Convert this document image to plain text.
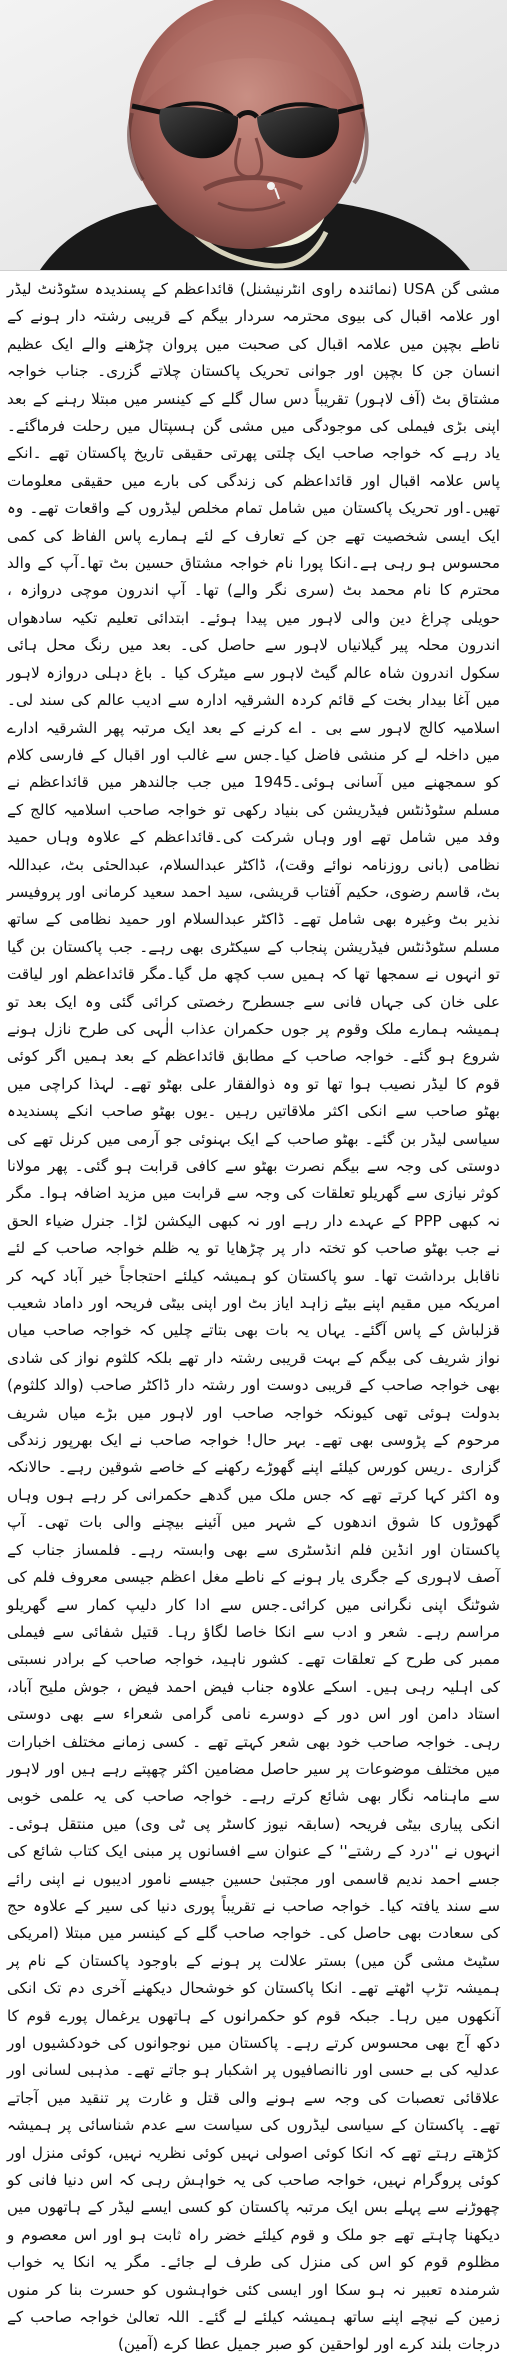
مشی گن USA (نمائندہ راوی انٹرنیشنل) قائداعظم کے پسندیدہ سٹوڈنٹ لیڈر اور علامہ اقبال کی بیوی محترمہ سردار بیگم کے قریبی رشتہ دار ہونے کے ناطے بچپن میں علامہ اقبال کی صحبت میں پروان چڑھنے والے ایک عظیم انسان جن کا بچپن اور جوانی تحریک پاکستان چلاتے گزری۔ جناب خواجہ مشتاق بٹ (آف لاہور) تقریباً دس سال گلے کے کینسر میں مبتلا رہنے کے بعد اپنی بڑی فیملی کی موجودگی میں مشی گن ہسپتال میں رحلت فرماگئے۔ یاد رہے کہ خواجہ صاحب ایک چلتی پھرتی حقیقی تاریخ پاکستان تھے ۔انکے پاس علامہ اقبال اور قائداعظم کی زندگی کی بارے میں حقیقی معلومات تھیں۔اور تحریک پاکستان میں شامل تمام مخلص لیڈروں کے واقعات تھے۔ وہ ایک ایسی شخصیت تھے جن کے تعارف کے لئے ہمارے پاس الفاظ کی کمی محسوس ہو رہی ہے۔انکا پورا نام خواجہ مشتاق حسین بٹ تھا۔آپ کے والد محترم کا نام محمد بٹ (سری نگر والے) تھا۔ آپ اندرون موچی دروازہ ، حویلی چراغ دین والی لاہور میں پیدا ہوئے۔ ابتدائی تعلیم تکیہ سادھواں اندرون محلہ پیر گیلانیاں لاہور سے حاصل کی۔ بعد میں رنگ محل ہائی سکول اندرون شاہ عالم گیٹ لاہور سے میٹرک کیا ۔ باغ دہلی دروازہ لاہور میں آغا بیدار بخت کے قائم کردہ الشرقیہ ادارہ سے ادیب عالم کی سند لی۔ اسلامیہ کالج لاہور سے بی ۔ اے کرنے کے بعد ایک مرتبہ پھر الشرقیہ ادارے میں داخلہ لے کر منشی فاضل کیا۔جس سے غالب اور اقبال کے فارسی کلام کو سمجھنے میں آسانی ہوئی۔1945 میں جب جالندھر میں قائداعظم نے مسلم سٹوڈنٹس فیڈریشن کی بنیاد رکھی تو خواجہ صاحب اسلامیہ کالج کے وفد میں شامل تھے اور وہاں شرکت کی۔قائداعظم کے علاوہ وہاں حمید نظامی (بانی روزنامہ نوائے وقت)، ڈاکٹر عبدالسلام، عبدالحئی بٹ، عبداللہ بٹ، قاسم رضوی، حکیم آفتاب قریشی، سید احمد سعید کرمانی اور پروفیسر نذیر بٹ وغیرہ بھی شامل تھے۔ ڈاکٹر عبدالسلام اور حمید نظامی کے ساتھ مسلم سٹوڈنٹس فیڈریشن پنجاب کے سیکٹری بھی رہے۔ جب پاکستان بن گیا تو انہوں نے سمجھا تھا کہ ہمیں سب کچھ مل گیا۔مگر قائداعظم اور لیاقت علی خان کی جہاں فانی سے جسطرح رخصتی کرائی گئی وہ ایک بعد تو ہمیشہ ہمارے ملک وقوم پر جوں حکمران عذاب الٰہی کی طرح نازل ہونے شروع ہو گئے۔ خواجہ صاحب کے مطابق قائداعظم کے بعد ہمیں اگر کوئی قوم کا لیڈر نصیب ہوا تھا تو وہ ذوالفقار علی بھٹو تھے۔ لہذا کراچی میں بھٹو صاحب سے انکی اکثر ملاقاتیں رہیں ۔یوں بھٹو صاحب انکے پسندیدہ سیاسی لیڈر بن گئے۔ بھٹو صاحب کے ایک بہنوئی جو آرمی میں کرنل تھے کی دوستی کی وجہ سے بیگم نصرت بھٹو سے کافی قرابت ہو گئی۔ پھر مولانا کوثر نیازی سے گھریلو تعلقات کی وجہ سے قرابت میں مزید اضافہ ہوا۔ مگر نہ کبھی PPP کے عہدے دار رہے اور نہ کبھی الیکشن لڑا۔ جنرل ضیاء الحق نے جب بھٹو صاحب کو تختہ دار پر چڑھایا تو یہ ظلم خواجہ صاحب کے لئے ناقابل برداشت تھا۔ سو پاکستان کو ہمیشہ کیلئے احتجاجاً خیر آباد کہہ کر امریکہ میں مقیم اپنے بیٹے زاہد ایاز بٹ اور اپنی بیٹی فریحہ اور داماد شعیب قزلباش کے پاس آگئے۔ یہاں یہ بات بھی بتاتے چلیں کہ خواجہ صاحب میاں نواز شریف کی بیگم کے بہت قریبی رشتہ دار تھے بلکہ کلثوم نواز کی شادی بھی خواجہ صاحب کے قریبی دوست اور رشتہ دار ڈاکٹر صاحب (والد کلثوم) بدولت ہوئی تھی کیونکہ خواجہ صاحب اور لاہور میں بڑے میاں شریف مرحوم کے پڑوسی بھی تھے۔ بہر حال! خواجہ صاحب نے ایک بھرپور زندگی گزاری ۔ریس کورس کیلئے اپنے گھوڑے رکھنے کے خاصے شوقین رہے۔ حالانکہ وہ اکثر کہا کرتے تھے کہ جس ملک میں گدھے حکمرانی کر رہے ہوں وہاں گھوڑوں کا شوق اندھوں کے شہر میں آئینے بیچنے والی بات تھی۔ آپ پاکستان اور انڈین فلم انڈسٹری سے بھی وابستہ رہے۔ فلمساز جناب کے آصف لاہوری کے جگری یار ہونے کے ناطے مغل اعظم جیسی معروف فلم کی شوٹنگ اپنی نگرانی میں کرائی۔جس سے ادا کار دلیپ کمار سے گھریلو مراسم رہے۔ شعر و ادب سے انکا خاصا لگاؤ رہا۔ قتیل شفائی سے فیملی ممبر کی طرح کے تعلقات تھے۔ کشور ناہید، خواجہ صاحب کے برادر نسبتی کی اہلیہ رہی ہیں۔ اسکے علاوہ جناب فیض احمد فیض ، جوش ملیح آباد، استاد دامن اور اس دور کے دوسرے نامی گرامی شعراء سے بھی دوستی رہی۔ خواجہ صاحب خود بھی شعر کہتے تھے ۔ کسی زمانے مختلف اخبارات میں مختلف موضوعات پر سیر حاصل مضامین اکثر چھپتے رہے ہیں اور لاہور سے ماہنامہ نگار بھی شائع کرتے رہے۔ خواجہ صاحب کی یہ علمی خوبی انکی پیاری بیٹی فریحہ (سابقہ نیوز کاسٹر پی ٹی وی) میں منتقل ہوئی۔ انہوں نے ''درد کے رشتے'' کے عنوان سے افسانوں پر مبنی ایک کتاب شائع کی جسے احمد ندیم قاسمی اور مجتبیٰ حسین جیسے نامور ادیبوں نے اپنی رائے سے سند یافتہ کیا۔ خواجہ صاحب نے تقریباً پوری دنیا کی سیر کے علاوہ حج کی سعادت بھی حاصل کی۔ خواجہ صاحب گلے کے کینسر میں مبتلا (امریکی سٹیٹ مشی گن میں) بستر علالت پر ہونے کے باوجود پاکستان کے نام پر ہمیشہ تڑپ اٹھتے تھے۔ انکا پاکستان کو خوشحال دیکھنے آخری دم تک انکی آنکھوں میں رہا۔ جبکہ قوم کو حکمرانوں کے ہاتھوں یرغمال پورے قوم کا دکھ آج بھی محسوس کرتے رہے۔ پاکستان میں نوجوانوں کی خودکشیوں اور عدلیہ کی بے حسی اور ناانصافیوں پر اشکبار ہو جاتے تھے۔ مذہبی لسانی اور علاقائی تعصبات کی وجہ سے ہونے والی قتل و غارت پر تنقید میں آجاتے تھے۔ پاکستان کے سیاسی لیڈروں کی سیاست سے عدم شناسائی پر ہمیشہ کڑھتے رہتے تھے کہ انکا کوئی اصولی نہیں کوئی نظریہ نہیں، کوئی منزل اور کوئی پروگرام نہیں، خواجہ صاحب کی یہ خواہش رہی کہ اس دنیا فانی کو چھوڑنے سے پہلے بس ایک مرتبہ پاکستان کو کسی ایسے لیڈر کے ہاتھوں میں دیکھنا چاہتے تھے جو ملک و قوم کیلئے خضر راہ ثابت ہو اور اس معصوم و مظلوم قوم کو اس کی منزل کی طرف لے جائے۔ مگر یہ انکا یہ خواب شرمندہ تعبیر نہ ہو سکا اور ایسی کئی خواہشوں کو حسرت بنا کر منوں زمین کے نیچے اپنے ساتھ ہمیشہ کیلئے لے گئے۔ اللہ تعالیٰ خواجہ صاحب کے درجات بلند کرے اور لواحقین کو صبر جمیل عطا کرے (آمین)
